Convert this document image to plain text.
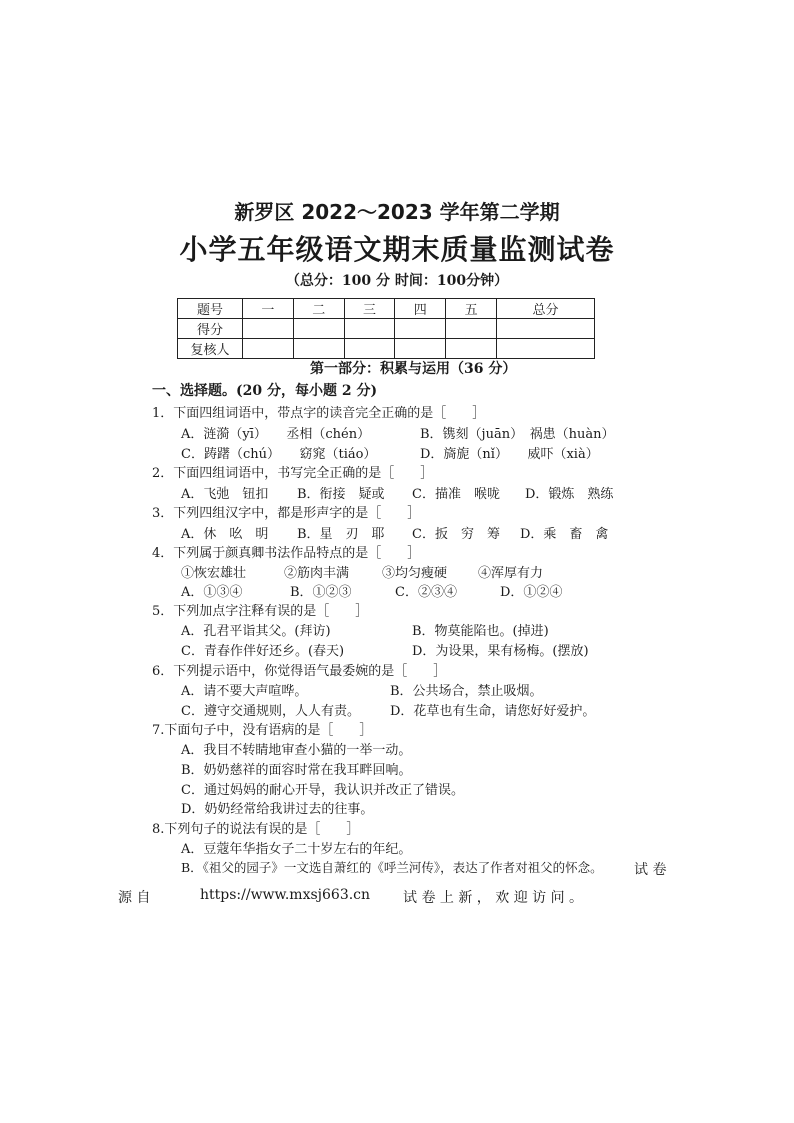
新罗区 2022～2023 学年第二学期
小学五年级语文期末质量监测试卷
（总分：100 分 时间：100分钟）
题号	一	二	三	四	五	总分
得分						
复核人						
第一部分：积累与运用（36 分）
一、选择题。(20 分，每小题 2 分)
1．下面四组词语中，带点字的读音完全正确的是［　　］
A．涟漪（yī）　　丞相（chén）	B．镌刻（juān）　祸患（huàn）
C．踌躇（chú）　　窈窕（tiáo）	D．旖旎（nǐ）　　威吓（xià）
2．下面四组词语中，书写完全正确的是［　　］
A．飞弛　钮扣 B．衔接　疑或 C．描准　喉咙 D．锻炼　熟练
3．下列四组汉字中，都是形声字的是［　　］
A．休　吆　明 B．星　刃　耶 C．扳　穷　筹 D．乘　畜　禽
4．下列属于颜真卿书法作品特点的是［　　］
①恢宏雄壮	②筋肉丰满	③均匀瘦硬 ④浑厚有力
A．①③④	B．①②③	C．②③④	D．①②④
5．下列加点字注释有误的是［　　］
A．孔君平诣其父。(拜访)	B．物莫能陷也。(掉进)
C．青春作伴好还乡。(春天)	D．为设果，果有杨梅。(摆放)
6．下列提示语中，你觉得语气最委婉的是［　　］
A．请不要大声喧哗。	B．公共场合，禁止吸烟。
C．遵守交通规则，人人有责。 D．花草也有生命，请您好好爱护。
7.下面句子中，没有语病的是［　　］
A．我目不转睛地审查小猫的一举一动。
B．奶奶慈祥的面容时常在我耳畔回响。
C．通过妈妈的耐心开导，我认识并改正了错误。
D．奶奶经常给我讲过去的往事。
8.下列句子的说法有误的是［　　］
A．豆蔻年华指女子二十岁左右的年纪。
B．《祖父的园子》一文选自萧红的《呼兰河传》，表达了作者对祖父的怀念。 试 卷
源 自	https://www.mxsj663.cn 试 卷 上 新 ， 欢 迎 访 问 。
